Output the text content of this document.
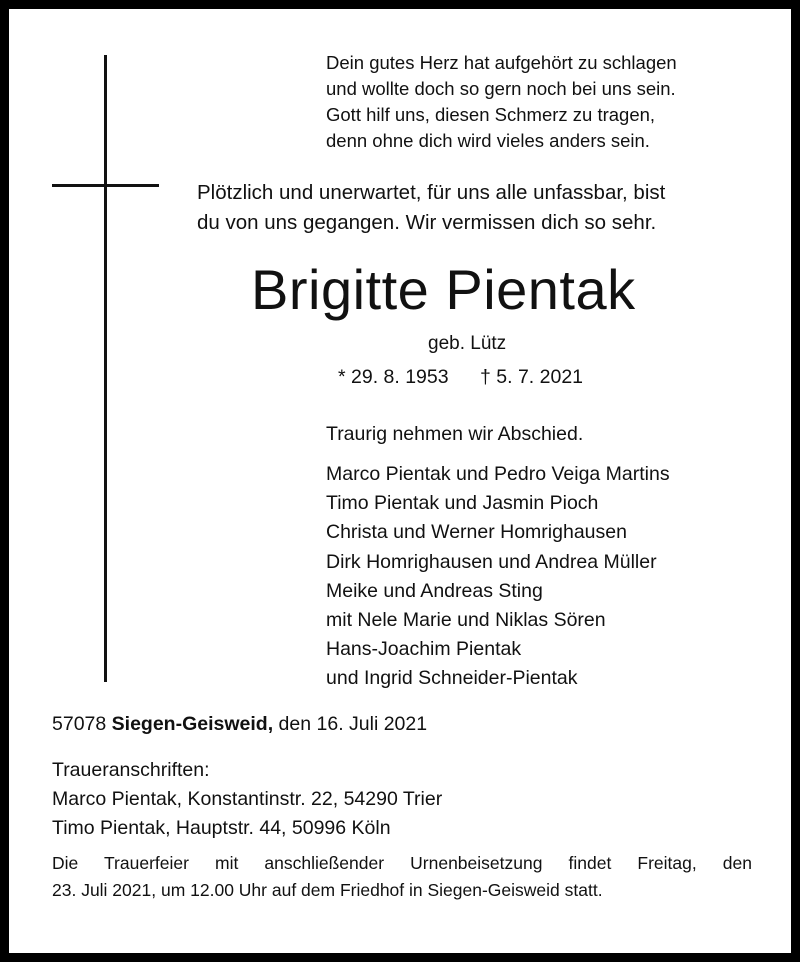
Dein gutes Herz hat aufgehört zu schlagen
und wollte doch so gern noch bei uns sein.
Gott hilf uns, diesen Schmerz zu tragen,
denn ohne dich wird vieles anders sein.
Plötzlich und unerwartet, für uns alle unfassbar, bist
du von uns gegangen. Wir vermissen dich so sehr.
Brigitte Pientak
geb. Lütz
* 29. 8. 1953 † 5. 7. 2021
Traurig nehmen wir Abschied.
Marco Pientak und Pedro Veiga Martins
Timo Pientak und Jasmin Pioch
Christa und Werner Homrighausen
Dirk Homrighausen und Andrea Müller
Meike und Andreas Sting
mit Nele Marie und Niklas Sören
Hans-Joachim Pientak
und Ingrid Schneider-Pientak
57078 Siegen-Geisweid, den 16. Juli 2021
Traueranschriften:
Marco Pientak, Konstantinstr. 22, 54290 Trier
Timo Pientak, Hauptstr. 44, 50996 Köln
Die Trauerfeier mit anschließender Urnenbeisetzung findet Freitag, den
23. Juli 2021, um 12.00 Uhr auf dem Friedhof in Siegen-Geisweid statt.
